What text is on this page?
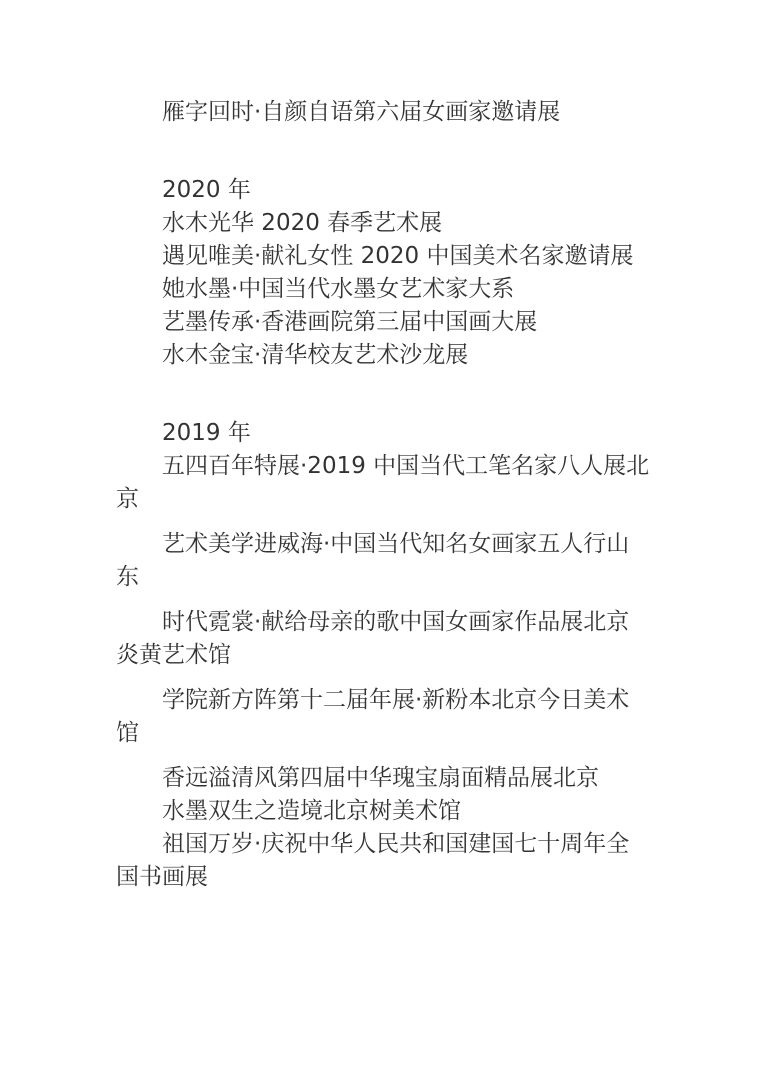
雁字回时·自颜自语第六届女画家邀请展
2020 年
水木光华 2020 春季艺术展
遇见唯美·献礼女性 2020 中国美术名家邀请展
她水墨·中国当代水墨女艺术家大系
艺墨传承·香港画院第三届中国画大展
水木金宝·清华校友艺术沙龙展
2019 年
五四百年特展·2019 中国当代工笔名家八人展北
京
艺术美学进威海·中国当代知名女画家五人行山
东
时代霓裳·献给母亲的歌中国女画家作品展北京
炎黄艺术馆
学院新方阵第十二届年展·新粉本北京今日美术
馆
香远溢清风第四届中华瑰宝扇面精品展北京
水墨双生之造境北京树美术馆
祖国万岁·庆祝中华人民共和国建国七十周年全
国书画展
